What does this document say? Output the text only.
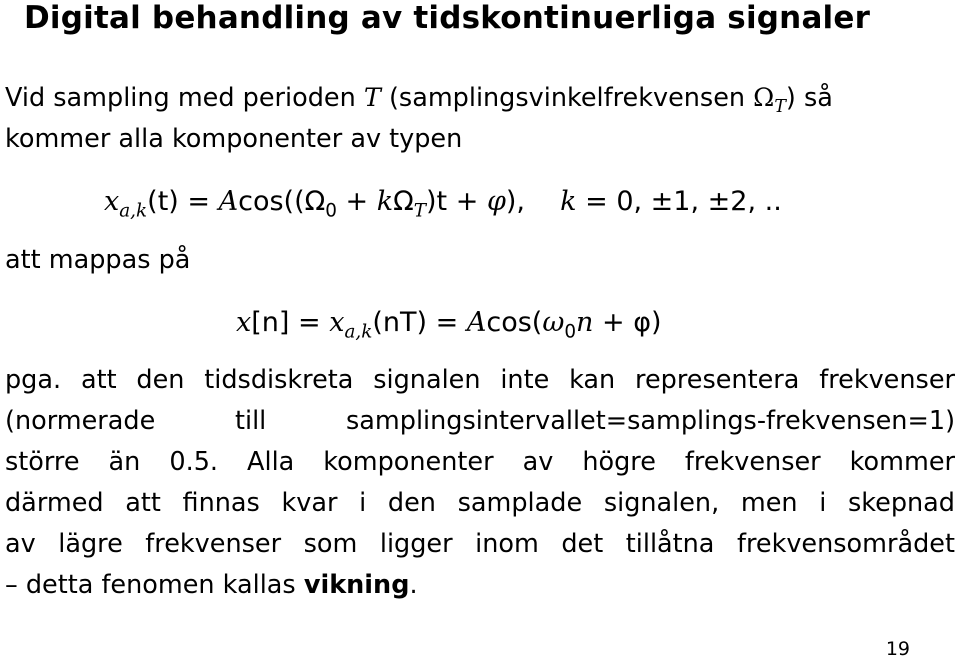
Digital behandling av tidskontinuerliga signaler

Vid sampling med perioden T (samplingsvinkelfrekvensen $\Omega_T$) så

kommer alla komponenter av typen

$x_{a,k}(t) = Acos((\Omega_0 + k\Omega_T)t + \varphi)$, k = 0, ±1, ±2, ..

att mappas på

$x[n] = x_{a,k}(nT) = Acos(\omega_0n + \varphi)$

pga. att den tidsdiskreta signalen inte kan representera frekvenser

(normerade	till	samplingsintervallet=samplings-frekvensen=1)

större än 0.5. Alla komponenter av högre frekvenser kommer

därmed att finnas kvar i den samplade signalen, men i skepnad

av lägre frekvenser som ligger inom det tillåtna frekvensområdet

– detta fenomen kallas vikning.

19
